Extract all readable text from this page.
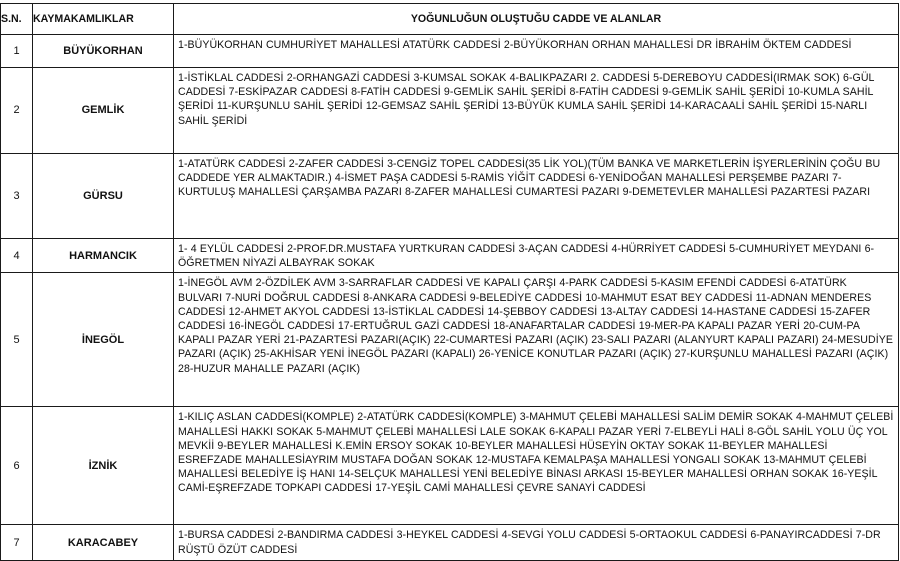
S.N.	KAYMAKAMLIKLAR	YOĞUNLUĞUN OLUŞTUĞU CADDE VE ALANLAR
1	BÜYÜKORHAN	1-BÜYÜKORHAN CUMHURİYET MAHALLESİ ATATÜRK CADDESİ 2-BÜYÜKORHAN ORHAN MAHALLESİ DR İBRAHİM ÖKTEM CADDESİ
2	GEMLİK	1-İSTİKLAL CADDESİ 2-ORHANGAZİ CADDESİ 3-KUMSAL SOKAK 4-BALIKPAZARI 2. CADDESİ 5-DEREBOYU CADDESİ(IRMAK SOK) 6-GÜL CADDESİ 7-ESKİPAZAR CADDESİ 8-FATİH CADDESİ 9-GEMLİK SAHİL ŞERİDİ 8-FATİH CADDESİ 9-GEMLİK SAHİL ŞERİDİ 10-KUMLA SAHİL ŞERİDİ 11-KURŞUNLU SAHİL ŞERİDİ 12-GEMSAZ SAHİL ŞERİDİ 13-BÜYÜK KUMLA SAHİL ŞERİDİ 14-KARACAALİ SAHİL ŞERİDİ 15-NARLI SAHİL ŞERİDİ
3	GÜRSU	1-ATATÜRK CADDESİ 2-ZAFER CADDESİ 3-CENGİZ TOPEL CADDESİ(35 LİK YOL)(TÜM BANKA VE MARKETLERİN İŞYERLERİNİN ÇOĞU BU CADDEDE YER ALMAKTADIR.) 4-İSMET PAŞA CADDESİ 5-RAMİS YİĞİT CADDESİ 6-YENİDOĞAN MAHALLESİ PERŞEMBE PAZARI 7-KURTULUŞ MAHALLESİ ÇARŞAMBA PAZARI 8-ZAFER MAHALLESİ CUMARTESİ PAZARI 9-DEMETEVLER MAHALLESİ PAZARTESİ PAZARI
4	HARMANCIK	1- 4 EYLÜL CADDESİ 2-PROF.DR.MUSTAFA YURTKURAN CADDESİ 3-AÇAN CADDESİ 4-HÜRRİYET CADDESİ 5-CUMHURİYET MEYDANI 6-ÖĞRETMEN NİYAZİ ALBAYRAK SOKAK
5	İNEGÖL	1-İNEGÖL AVM 2-ÖZDİLEK AVM 3-SARRAFLAR CADDESİ VE KAPALI ÇARŞI 4-PARK CADDESİ 5-KASIM EFENDİ CADDESİ 6-ATATÜRK BULVARI 7-NURİ DOĞRUL CADDESİ 8-ANKARA CADDESİ 9-BELEDİYE CADDESİ 10-MAHMUT ESAT BEY CADDESİ 11-ADNAN MENDERES CADDESİ 12-AHMET AKYOL CADDESİ 13-İSTİKLAL CADDESİ 14-ŞEBBOY CADDESİ 13-ALTAY CADDESİ 14-HASTANE CADDESİ 15-ZAFER CADDESİ 16-İNEGÖL CADDESİ 17-ERTUĞRUL GAZİ CADDESİ 18-ANAFARTALAR CADDESİ 19-MER-PA KAPALI PAZAR YERİ 20-CUM-PA KAPALI PAZAR YERİ 21-PAZARTESİ PAZARI(AÇIK) 22-CUMARTESİ PAZARI (AÇIK) 23-SALI PAZARI (ALANYURT KAPALI PAZARI) 24-MESUDİYE PAZARI (AÇIK) 25-AKHİSAR YENİ İNEGÖL PAZARI (KAPALI) 26-YENİCE KONUTLAR PAZARI (AÇIK) 27-KURŞUNLU MAHALLESİ PAZARI (AÇIK) 28-HUZUR MAHALLE PAZARI (AÇIK)
6	İZNİK	1-KILIÇ ASLAN CADDESİ(KOMPLE) 2-ATATÜRK CADDESİ(KOMPLE) 3-MAHMUT ÇELEBİ MAHALLESİ SALİM DEMİR SOKAK 4-MAHMUT ÇELEBİ MAHALLESİ HAKKI SOKAK 5-MAHMUT ÇELEBİ MAHALLESİ LALE SOKAK 6-KAPALI PAZAR YERİ 7-ELBEYLİ HALİ 8-GÖL SAHİL YOLU ÜÇ YOL MEVKİİ 9-BEYLER MAHALLESİ K.EMİN ERSOY SOKAK 10-BEYLER MAHALLESİ HÜSEYİN OKTAY SOKAK 11-BEYLER MAHALLESİ ESREFZADE MAHALLESİAYRIM MUSTAFA DOĞAN SOKAK 12-MUSTAFA KEMALPAŞA MAHALLESİ YONGALI SOKAK 13-MAHMUT ÇELEBİ MAHALLESİ BELEDİYE İŞ HANI 14-SELÇUK MAHALLESİ YENİ BELEDİYE BİNASI ARKASI 15-BEYLER MAHALLESİ ORHAN SOKAK 16-YEŞİL CAMİ-EŞREFZADE TOPKAPI CADDESİ 17-YEŞİL CAMİ MAHALLESİ ÇEVRE SANAYİ CADDESİ
7	KARACABEY	1-BURSA CADDESİ 2-BANDIRMA CADDESİ 3-HEYKEL CADDESİ 4-SEVGİ YOLU CADDESİ 5-ORTAOKUL CADDESİ 6-PANAYIRCADDESİ 7-DR RÜŞTÜ ÖZÜT CADDESİ
